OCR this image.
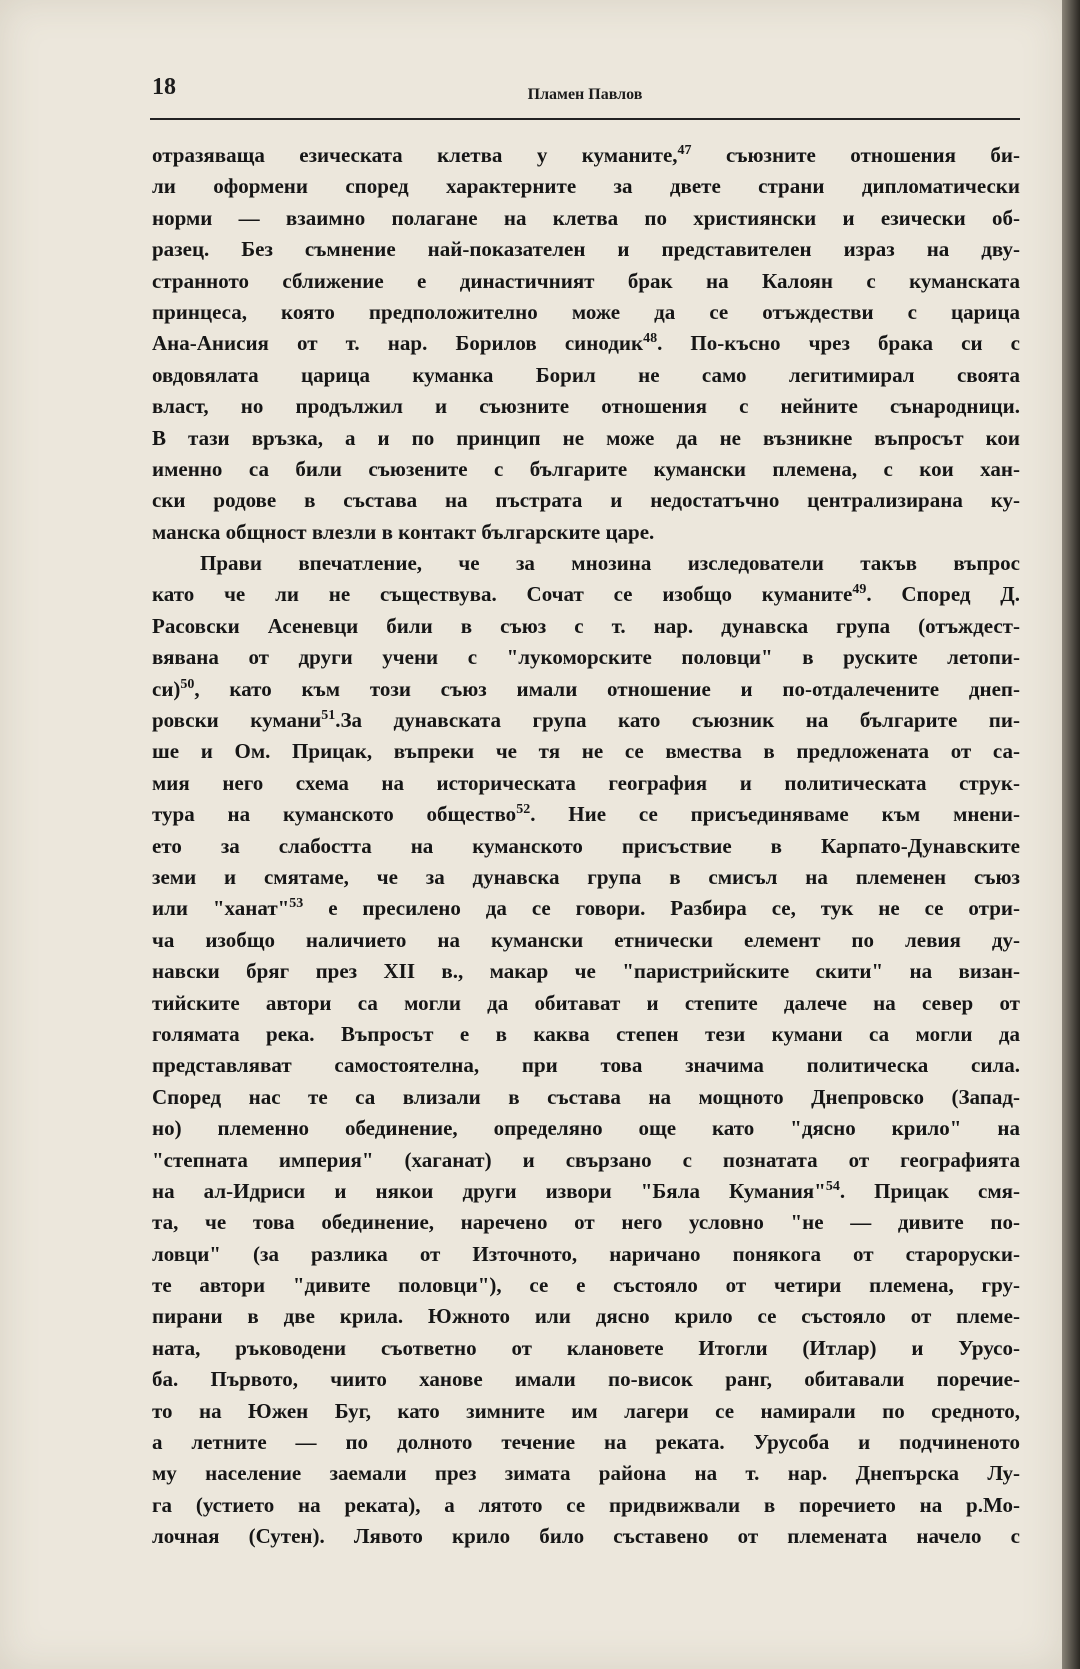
18	Пламен Павлов
отразяваща езическата клетва у куманите,$^{47}$ съюзните отношения би-
ли оформени според характерните за двете страни дипломатически
норми — взаимно полагане на клетва по християнски и езически об-
разец. Без съмнение най-показателен и представителен израз на дву-
странното сближение е династичният брак на Калоян с куманската
принцеса, която предположително може да се отъждестви с царица
Ана-Анисия от т. нар. Борилов синодик$^{48}$. По-късно чрез брака си с
овдовялата царица куманка Борил не само легитимирал своята
власт, но продължил и съюзните отношения с нейните сънародници.
В тази връзка, а и по принцип не може да не възникне въпросът кои
именно са били съюзените с българите кумански племена, с кои хан-
ски родове в състава на пъстрата и недостатъчно централизирана ку-
манска общност влезли в контакт българските царе.
Прави впечатление, че за мнозина изследователи такъв въпрос
като че ли не съществува. Сочат се изобщо куманите$^{49}$. Според Д.
Расовски Асеневци били в съюз с т. нар. дунавска група (отъждест-
вявана от други учени с "лукоморските половци" в руските летопи-
си)$^{50}$, като към този съюз имали отношение и по-отдалечените днеп-
ровски кумани$^{51}$.За дунавската група като съюзник на българите пи-
ше и Ом. Прицак, въпреки че тя не се вмества в предложената от са-
мия него схема на историческата география и политическата струк-
тура на куманското общество$^{52}$. Ние се присъединяваме към мнени-
ето за слабостта на куманското присъствие в Карпато-Дунавските
земи и смятаме, че за дунавска група в смисъл на племенен съюз
или "ханат"$^{53}$ е пресилено да се говори. Разбира се, тук не се отри-
ча изобщо наличието на кумански етнически елемент по левия ду-
навски бряг през XII в., макар че "паристрийските скити" на визан-
тийските автори са могли да обитават и степите далече на север от
голямата река. Въпросът е в каква степен тези кумани са могли да
представляват самостоятелна, при това значима политическа сила.
Според нас те са влизали в състава на мощното Днепровско (Запад-
но) племенно обединение, определяно още като "дясно крило" на
"степната империя" (хаганат) и свързано с познатата от географията
на ал-Идриси и някои други извори "Бяла Кумания"$^{54}$. Прицак смя-
та, че това обединение, наречено от него условно "не — дивите по-
ловци" (за разлика от Източното, наричано понякога от староруски-
те автори "дивите половци"), се е състояло от четири племена, гру-
пирани в две крила. Южното или дясно крило се състояло от племе-
ната, ръководени съответно от клановете Итогли (Итлар) и Урусо-
ба. Първото, чиито ханове имали по-висок ранг, обитавали поречие-
то на Южен Буг, като зимните им лагери се намирали по средното,
а летните — по долното течение на реката. Урусоба и подчиненото
му население заемали през зимата района на т. нар. Днепърска Лу-
га (устието на реката), а лятото се придвижвали в поречието на р.Мо-
лочная (Сутен). Лявото крило било съставено от племената начело с
